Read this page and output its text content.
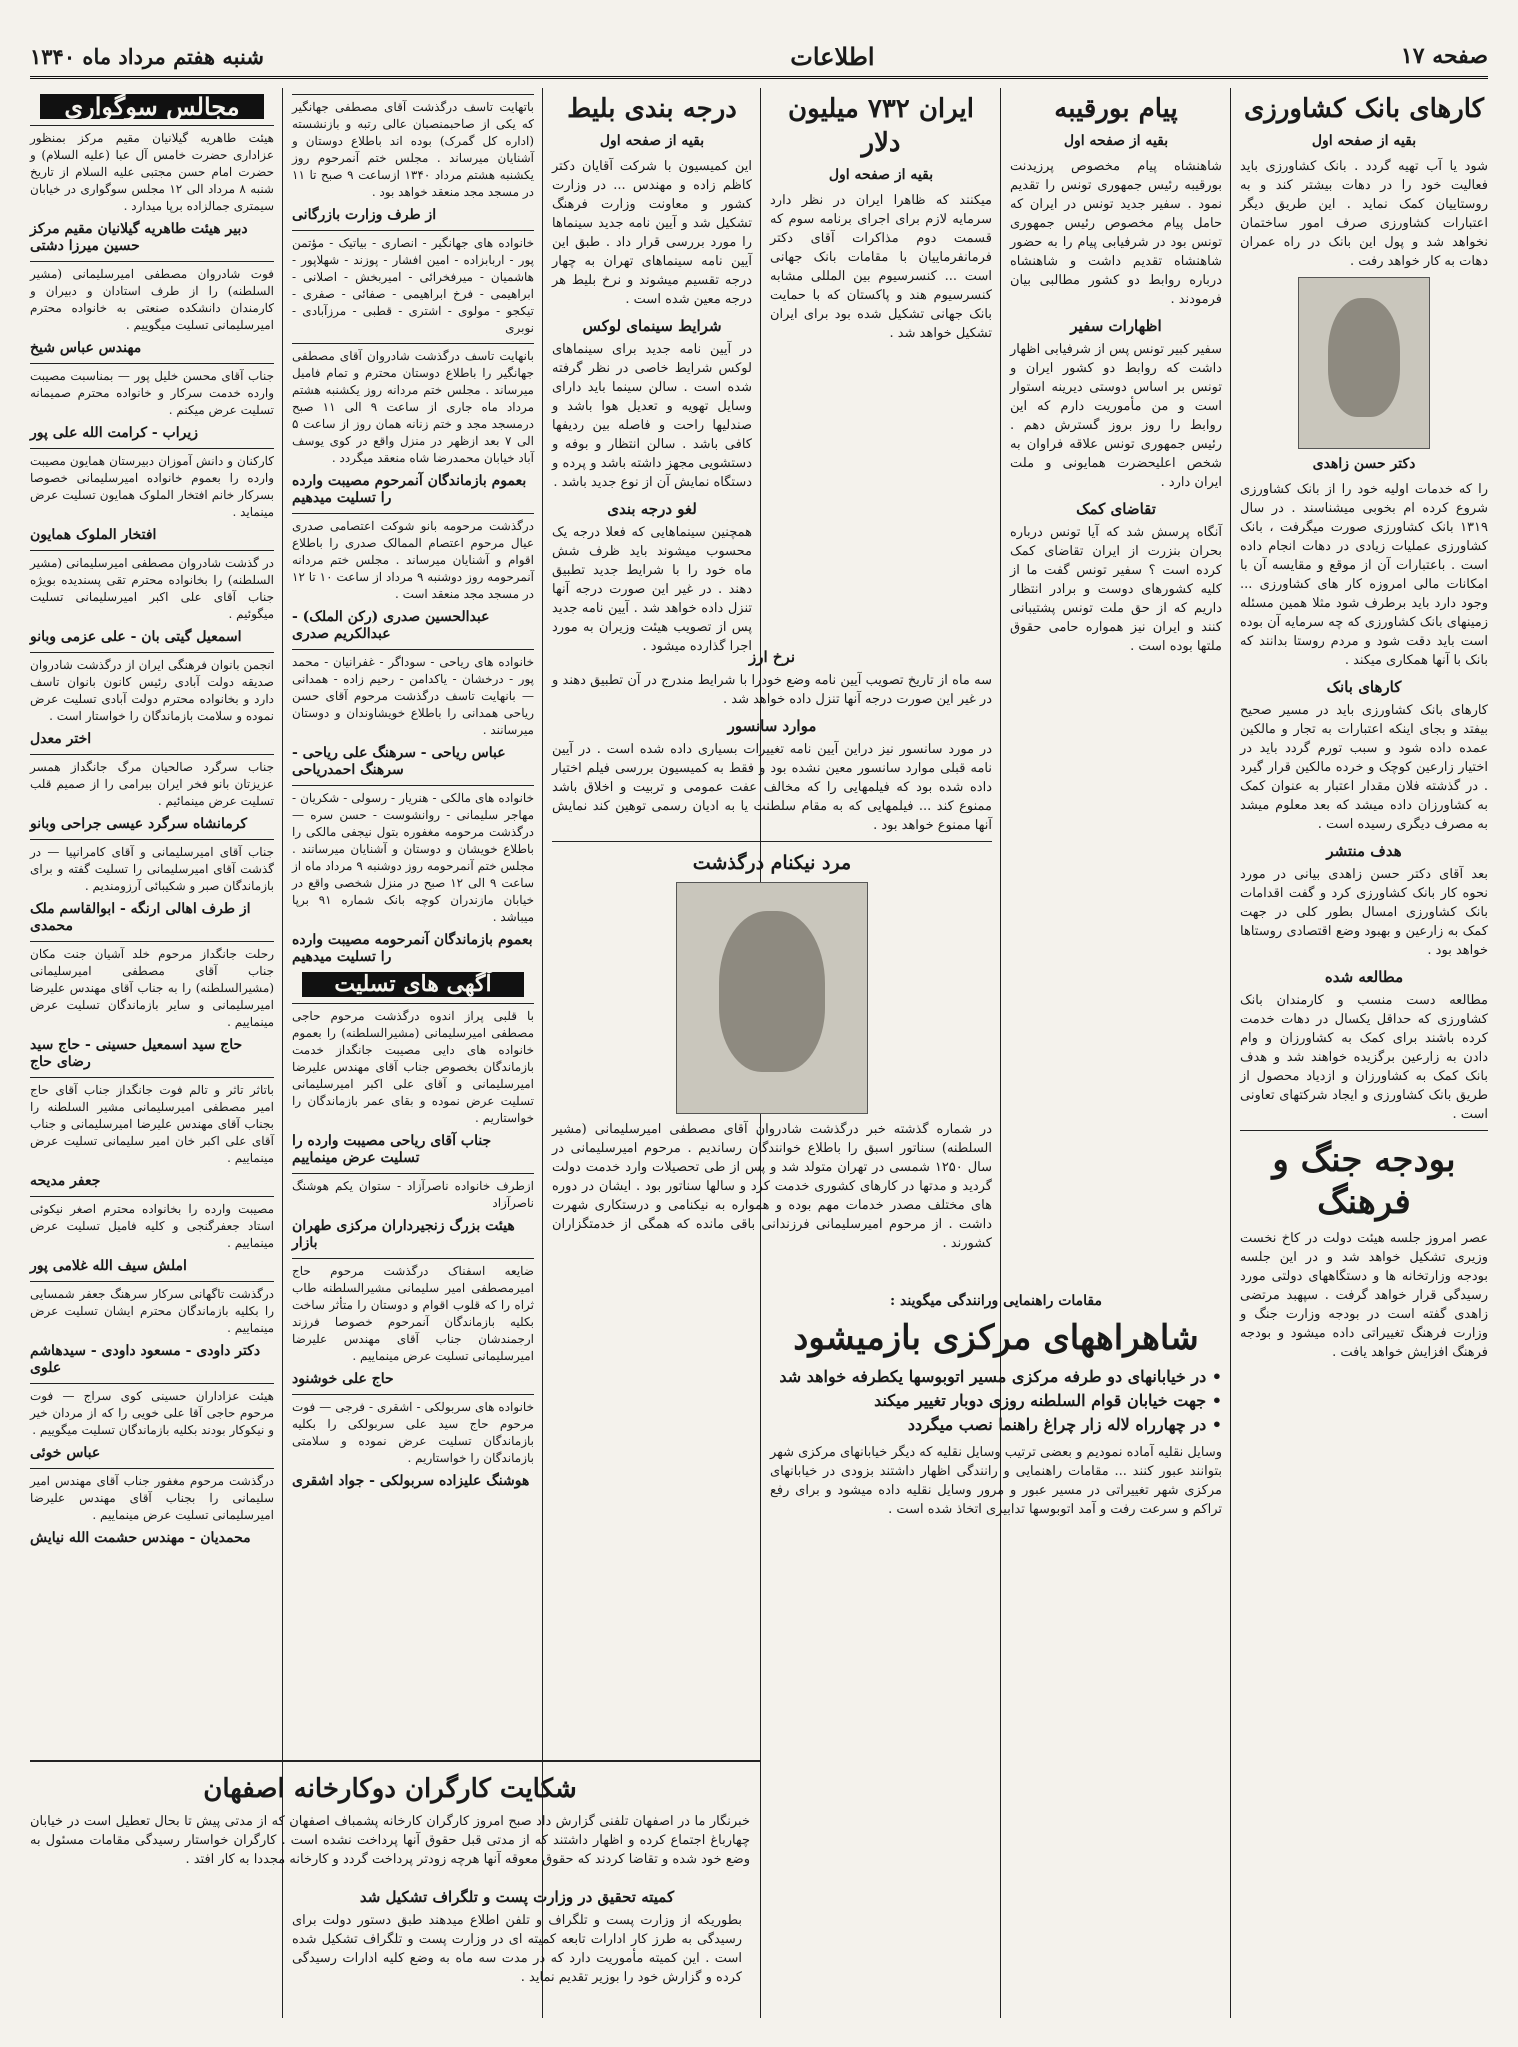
صفحه ۱۷
اطلاعات
شنبه هفتم مرداد ماه ۱۳۴۰
کارهای بانک کشاورزی
بقیه از صفحه اول
شود یا آب تهیه گردد . بانک کشاورزی باید فعالیت خود را در دهات بیشتر کند و به روستاییان کمک نماید . این طریق دیگر اعتبارات کشاورزی صرف امور ساختمان نخواهد شد و پول این بانک در راه عمران دهات به کار خواهد رفت .
دکتر حسن زاهدی
را که خدمات اولیه خود را از بانک کشاورزی شروع کرده ام بخوبی میشناسند . در سال ۱۳۱۹ بانک کشاورزی صورت میگرفت ، بانک کشاورزی عملیات زیادی در دهات انجام داده است . باعتبارات آن از موقع و مقایسه آن با امکانات مالی امروزه کار های کشاورزی ... وجود دارد باید برطرف شود مثلا همین مسئله زمینهای بانک کشاورزی که چه سرمایه آن بوده است باید دقت شود و مردم روستا بدانند که بانک با آنها همکاری میکند .
کارهای بانک
کارهای بانک کشاورزی باید در مسیر صحیح بیفتد و بجای اینکه اعتبارات به تجار و مالکین عمده داده شود و سبب تورم گردد باید در اختیار زارعین کوچک و خرده مالکین قرار گیرد . در گذشته فلان مقدار اعتبار به عنوان کمک به کشاورزان داده میشد که بعد معلوم میشد به مصرف دیگری رسیده است .
هدف منتشر
بعد آقای دکتر حسن زاهدی بیانی در مورد نحوه کار بانک کشاورزی کرد و گفت اقدامات بانک کشاورزی امسال بطور کلی در جهت کمک به زارعین و بهبود وضع اقتصادی روستاها خواهد بود .
مطالعه شده
مطالعه دست منسب و کارمندان بانک کشاورزی که حداقل یکسال در دهات خدمت کرده باشند برای کمک به کشاورزان و وام دادن به زارعین برگزیده خواهند شد و هدف بانک کمک به کشاورزان و ازدیاد محصول از طریق بانک کشاورزی و ایجاد شرکتهای تعاونی است .
بودجه جنگ و فرهنگ
عصر امروز جلسه هیئت دولت در کاخ نخست وزیری تشکیل خواهد شد و در این جلسه بودجه وزارتخانه ها و دستگاههای دولتی مورد رسیدگی قرار خواهد گرفت . سپهبد مرتضی زاهدی گفته است در بودجه وزارت جنگ و وزارت فرهنگ تغییراتی داده میشود و بودجه فرهنگ افزایش خواهد یافت .
پیام بورقیبه
بقیه از صفحه اول
شاهنشاه پیام مخصوص پرزیدنت بورقیبه رئیس جمهوری تونس را تقدیم نمود . سفیر جدید تونس در ایران که حامل پیام مخصوص رئیس جمهوری تونس بود در شرفیابی پیام را به حضور شاهنشاه تقدیم داشت و شاهنشاه درباره روابط دو کشور مطالبی بیان فرمودند .
اظهارات سفیر
سفیر کبیر تونس پس از شرفیابی اظهار داشت که روابط دو کشور ایران و تونس بر اساس دوستی دیرینه استوار است و من مأموریت دارم که این روابط را روز بروز گسترش دهم . رئیس جمهوری تونس علاقه فراوان به شخص اعلیحضرت همایونی و ملت ایران دارد .
تقاضای کمک
آنگاه پرسش شد که آیا تونس درباره بحران بنزرت از ایران تقاضای کمک کرده است ؟ سفیر تونس گفت ما از کلیه کشورهای دوست و برادر انتظار داریم که از حق ملت تونس پشتیبانی کنند و ایران نیز همواره حامی حقوق ملتها بوده است .
ایران ۷۳۲ میلیون دلار
بقیه از صفحه اول
میکنند که ظاهرا ایران در نظر دارد سرمایه لازم برای اجرای برنامه سوم که قسمت دوم مذاکرات آقای دکتر فرمانفرماییان با مقامات بانک جهانی است ... کنسرسیوم بین المللی مشابه کنسرسیوم هند و پاکستان که با حمایت بانک جهانی تشکیل شده بود برای ایران تشکیل خواهد شد .
درجه بندی بلیط
بقیه از صفحه اول
این کمیسیون با شرکت آقایان دکتر کاظم زاده و مهندس ... در وزارت کشور و معاونت وزارت فرهنگ تشکیل شد و آیین نامه جدید سینماها را مورد بررسی قرار داد . طبق این آیین نامه سینماهای تهران به چهار درجه تقسیم میشوند و نرخ بلیط هر درجه معین شده است .
شرایط سینمای لوکس
در آیین نامه جدید برای سینماهای لوکس شرایط خاصی در نظر گرفته شده است . سالن سینما باید دارای وسایل تهویه و تعدیل هوا باشد و صندلیها راحت و فاصله بین ردیفها کافی باشد . سالن انتظار و بوفه و دستشویی مجهز داشته باشد و پرده و دستگاه نمایش آن از نوع جدید باشد .
لغو درجه بندی
همچنین سینماهایی که فعلا درجه یک محسوب میشوند باید ظرف شش ماه خود را با شرایط جدید تطبیق دهند . در غیر این صورت درجه آنها تنزل داده خواهد شد . آیین نامه جدید پس از تصویب هیئت وزیران به مورد اجرا گذارده میشود .
نرخ ارز
سه ماه از تاریخ تصویب آیین نامه وضع خودرا با شرایط مندرج در آن تطبیق دهند و در غیر این صورت درجه آنها تنزل داده خواهد شد .
موارد سانسور
در مورد سانسور نیز دراین آیین نامه تغییرات بسیاری داده شده است . در آیین نامه قبلی موارد سانسور معین نشده بود و فقط به کمیسیون بررسی فیلم اختیار داده شده بود که فیلمهایی را که مخالف عفت عمومی و تربیت و اخلاق باشد ممنوع کند ... فیلمهایی که به مقام سلطنت یا به ادیان رسمی توهین کند نمایش آنها ممنوع خواهد بود .
مرد نیکنام درگذشت
در شماره گذشته خبر درگذشت شادروان آقای مصطفی امیرسلیمانی (مشیر السلطنه) سناتور اسبق را باطلاع خوانندگان رساندیم . مرحوم امیرسلیمانی در سال ۱۲۵۰ شمسی در تهران متولد شد و پس از طی تحصیلات وارد خدمت دولت گردید و مدتها در کارهای کشوری خدمت کرد و سالها سناتور بود . ایشان در دوره های مختلف مصدر خدمات مهم بوده و همواره به نیکنامی و درستکاری شهرت داشت . از مرحوم امیرسلیمانی فرزندانی باقی مانده که همگی از خدمتگزاران کشورند .
مقامات راهنمایی ورانندگی میگویند :
شاهراههای مرکزی بازمیشود
• در خیابانهای دو طرفه مرکزی مسیر اتوبوسها یکطرفه خواهد شد
• جهت خیابان قوام السلطنه روزی دوبار تغییر میکند
• در چهارراه لاله زار چراغ راهنما نصب میگردد
وسایل نقلیه آماده نمودیم و بعضی ترتیب وسایل نقلیه که دیگر خیابانهای مرکزی شهر بتوانند عبور کنند ... مقامات راهنمایی و رانندگی اظهار داشتند بزودی در خیابانهای مرکزی شهر تغییراتی در مسیر عبور و مرور وسایل نقلیه داده میشود و برای رفع تراکم و سرعت رفت و آمد اتوبوسها تدابیری اتخاذ شده است .
مجالس سوگواری
هیئت طاهریه گیلانیان مقیم مرکز بمنظور عزاداری حضرت خامس آل عبا (علیه السلام) و حضرت امام حسن مجتبی علیه السلام از تاریخ شنبه ۸ مرداد الی ۱۲ مجلس سوگواری در خیابان سیمتری جمالزاده برپا میدارد .
دبیر هیئت طاهریه گیلانیان مقیم مرکز حسین میرزا دشتی
فوت شادروان مصطفی امیرسلیمانی (مشیر السلطنه) را از طرف استادان و دبیران و کارمندان دانشکده صنعتی به خانواده محترم امیرسلیمانی تسلیت میگوییم .
مهندس عباس شیخ
جناب آقای محسن خلیل پور — بمناسبت مصیبت وارده خدمت سرکار و خانواده محترم صمیمانه تسلیت عرض میکنم .
زیراب - کرامت الله علی پور
کارکنان و دانش آموزان دبیرستان همایون مصیبت وارده را بعموم خانواده امیرسلیمانی خصوصا بسرکار خانم افتخار الملوک همایون تسلیت عرض مینماید .
افتخار الملوک همایون
در گذشت شادروان مصطفی امیرسلیمانی (مشیر السلطنه) را بخانواده محترم تقی پسندیده بویژه جناب آقای علی اکبر امیرسلیمانی تسلیت میگوئیم .
اسمعیل گیتی بان - علی عزمی وبانو
انجمن بانوان فرهنگی ایران از درگذشت شادروان صدیقه دولت آبادی رئیس کانون بانوان تاسف دارد و بخانواده محترم دولت آبادی تسلیت عرض نموده و سلامت بازماندگان را خواستار است .
اختر معدل
جناب سرگرد صالحیان مرگ جانگداز همسر عزیزتان بانو فخر ایران بیرامی را از صمیم قلب تسلیت عرض مینمائیم .
کرمانشاه سرگرد عیسی جراحی وبانو
جناب آقای امیرسلیمانی و آقای کامرانپیا — در گذشت آقای امیرسلیمانی را تسلیت گفته و برای بازماندگان صبر و شکیبائی آرزومندیم .
از طرف اهالی ارنگه - ابوالقاسم ملک محمدی
رحلت جانگداز مرحوم خلد آشیان جنت مکان جناب آقای مصطفی امیرسلیمانی (مشیرالسلطنه) را به جناب آقای مهندس علیرضا امیرسلیمانی و سایر بازماندگان تسلیت عرض مینماییم .
حاج سید اسمعیل حسینی - حاج سید رضای حاج
باتاثر تاثر و تالم فوت جانگداز جناب آقای حاج امیر مصطفی امیرسلیمانی مشیر السلطنه را بجناب آقای مهندس علیرضا امیرسلیمانی و جناب آقای علی اکبر خان امیر سلیمانی تسلیت عرض مینماییم .
جعفر مدیحه
مصیبت وارده را بخانواده محترم اصغر نیکوئی استاد جعفرگنجی و کلیه فامیل تسلیت عرض مینماییم .
املش سیف الله غلامی پور
درگذشت تاگهانی سرکار سرهنگ جعفر شمسایی را بکلیه بازماندگان محترم ایشان تسلیت عرض مینماییم .
دکتر داودی - مسعود داودی - سیدهاشم علوی
هیئت عزاداران حسینی کوی سراج — فوت مرحوم حاجی آقا علی خویی را که از مردان خیر و نیکوکار بودند بکلیه بازماندگان تسلیت میگوییم .
عباس خوئی
درگذشت مرحوم مغفور جناب آقای مهندس امیر سلیمانی را بجناب آقای مهندس علیرضا امیرسلیمانی تسلیت عرض مینماییم .
محمدیان - مهندس حشمت الله نیایش
باتهایت تاسف درگذشت آقای مصطفی جهانگیر که یکی از صاحبمنصبان عالی رتبه و بازنشسته (اداره کل گمرک) بوده اند باطلاع دوستان و آشنایان میرساند . مجلس ختم آنمرحوم روز یکشنبه هشتم مرداد ۱۳۴۰ ازساعت ۹ صبح تا ۱۱ در مسجد مجد منعقد خواهد بود .
از طرف وزارت بازرگانی
خانواده های جهانگیر - انصاری - بیاتیک - مؤتمن پور - اربابزاده - امین افشار - پوزند - شهلاپور - هاشمیان - میرفخرائی - امیربخش - اصلانی - ابراهیمی - فرخ ابراهیمی - صفائی - صفری - تیکجو - مولوی - اشتری - قطبی - مرزآبادی - نوبری
بانهایت تاسف درگذشت شادروان آقای مصطفی جهانگیر را باطلاع دوستان محترم و تمام فامیل میرساند . مجلس ختم مردانه روز یکشنبه هشتم مرداد ماه جاری از ساعت ۹ الی ۱۱ صبح درمسجد مجد و ختم زنانه همان روز از ساعت ۵ الی ۷ بعد ازظهر در منزل واقع در کوی یوسف آباد خیابان محمدرضا شاه منعقد میگردد .
بعموم بازماندگان آنمرحوم مصیبت وارده را تسلیت میدهیم
درگذشت مرحومه بانو شوکت اعتصامی صدری عیال مرحوم اعتصام الممالک صدری را باطلاع اقوام و آشنایان میرساند . مجلس ختم مردانه آنمرحومه روز دوشنبه ۹ مرداد از ساعت ۱۰ تا ۱۲ در مسجد مجد منعقد است .
عبدالحسین صدری (رکن الملک) - عبدالکریم صدری
خانواده های ریاحی - سوداگر - غفرانیان - محمد پور - درخشان - یاکدامن - رحیم زاده - همدانی — بانهایت تاسف درگذشت مرحوم آقای حسن ریاحی همدانی را باطلاع خویشاوندان و دوستان میرسانند .
عباس ریاحی - سرهنگ علی ریاحی - سرهنگ احمدریاحی
خانواده های مالکی - هنریار - رسولی - شکریان - مهاجر سلیمانی - روانشوست - حسن سره — درگذشت مرحومه مغفوره بتول نیجفی مالکی را باطلاع خویشان و دوستان و آشنایان میرسانند . مجلس ختم آنمرحومه روز دوشنبه ۹ مرداد ماه از ساعت ۹ الی ۱۲ صبح در منزل شخصی واقع در خیابان مازندران کوچه بانک شماره ۹۱ برپا میباشد .
بعموم بازماندگان آنمرحومه مصیبت وارده را تسلیت میدهیم
آگهی های تسلیت
با قلبی پراز اندوه درگذشت مرحوم حاجی مصطفی امیرسلیمانی (مشیرالسلطنه) را بعموم خانواده های دایی مصیبت جانگداز خدمت بازماندگان بخصوص جناب آقای مهندس علیرضا امیرسلیمانی و آقای علی اکبر امیرسلیمانی تسلیت عرض نموده و بقای عمر بازماندگان را خواستاریم .
جناب آقای ریاحی مصیبت وارده را تسلیت عرض مینماییم
ازطرف خانواده ناصرآزاد - ستوان یکم هوشنگ ناصرآزاد
هیئت بزرگ زنجیرداران مرکزی طهران بازار
ضایعه اسفناک درگذشت مرحوم حاج امیرمصطفی امیر سلیمانی مشیرالسلطنه طاب ثراه را که قلوب اقوام و دوستان را متأثر ساخت بکلیه بازماندگان آنمرحوم خصوصا فرزند ارجمندشان جناب آقای مهندس علیرضا امیرسلیمانی تسلیت عرض مینماییم .
حاج علی خوشنود
خانواده های سربولکی - اشقری - فرجی — فوت مرحوم حاج سید علی سربولکی را بکلیه بازماندگان تسلیت عرض نموده و سلامتی بازماندگان را خواستاریم .
هوشنگ علیزاده سربولکی - جواد اشقری
شکایت کارگران دوکارخانه اصفهان
خبرنگار ما در اصفهان تلفنی گزارش داد صبح امروز کارگران کارخانه پشمباف اصفهان که از مدتی پیش تا بحال تعطیل است در خیابان چهارباغ اجتماع کرده و اظهار داشتند که از مدتی قبل حقوق آنها پرداخت نشده است . کارگران خواستار رسیدگی مقامات مسئول به وضع خود شده و تقاضا کردند که حقوق معوقه آنها هرچه زودتر پرداخت گردد و کارخانه مجددا به کار افتد .
کمیته تحقیق در وزارت پست و تلگراف تشکیل شد
بطوریکه از وزارت پست و تلگراف و تلفن اطلاع میدهند طبق دستور دولت برای رسیدگی به طرز کار ادارات تابعه کمیته ای در وزارت پست و تلگراف تشکیل شده است . این کمیته مأموریت دارد که در مدت سه ماه به وضع کلیه ادارات رسیدگی کرده و گزارش خود را بوزیر تقدیم نماید .
